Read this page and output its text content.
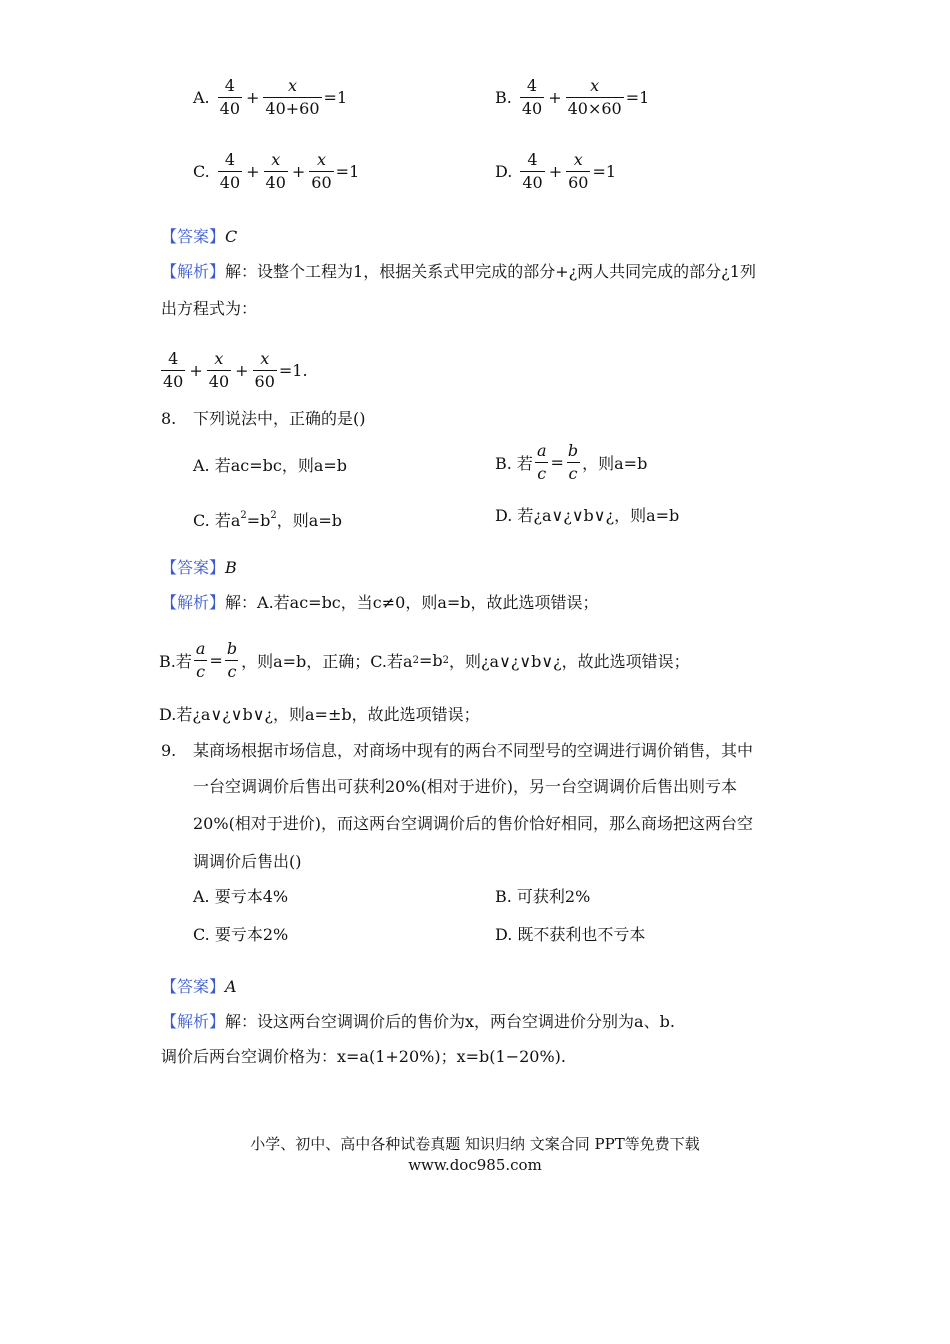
A. $\frac{4}{40} + \frac{x}{40+60} =1$	B. $\frac{4}{40} + \frac{x}{40\times 60} =1$
C. $\frac{4}{40} + \frac{x}{40} + \frac{x}{60} =1$	D. $\frac{4}{40} + \frac{x}{60} =1$
【答案】C
【解析】解：设整个工程为1，根据关系式甲完成的部分+¿两人共同完成的部分¿1列
出方程式为：
$\frac{4}{40} + \frac{x}{40} + \frac{x}{60} =1$.
8. 下列说法中，正确的是()
A. 若ac=bc，则a=b	B. 若 $\frac{a}{c} = \frac{b}{c}$ ，则a=b
C. 若$a^2=b^2$，则a=b	D. 若¿a∨¿∨b∨¿，则a=b
【答案】B
【解析】解：A.若ac=bc，当c≠0，则a=b，故此选项错误；
B.若 $\frac{a}{c} = \frac{b}{c}$ ，则a=b，正确；C.若a 2 =b 2 ，则¿a∨¿∨b∨¿，故此选项错误；
D.若¿a∨¿∨b∨¿，则a=±b，故此选项错误；
9. 某商场根据市场信息，对商场中现有的两台不同型号的空调进行调价销售，其中
一台空调调价后售出可获利20%(相对于进价)，另一台空调调价后售出则亏本
20%(相对于进价)，而这两台空调调价后的售价恰好相同，那么商场把这两台空
调调价后售出()
A. 要亏本4%	B. 可获利2%
C. 要亏本2%	D. 既不获利也不亏本
【答案】A
【解析】解：设这两台空调调价后的售价为x，两台空调进价分别为a、b.
调价后两台空调价格为：x=a(1+20%)；x=b(1−20%).
小学、初中、高中各种试卷真题 知识归纳 文案合同 PPT等免费下载
www.doc985.com
